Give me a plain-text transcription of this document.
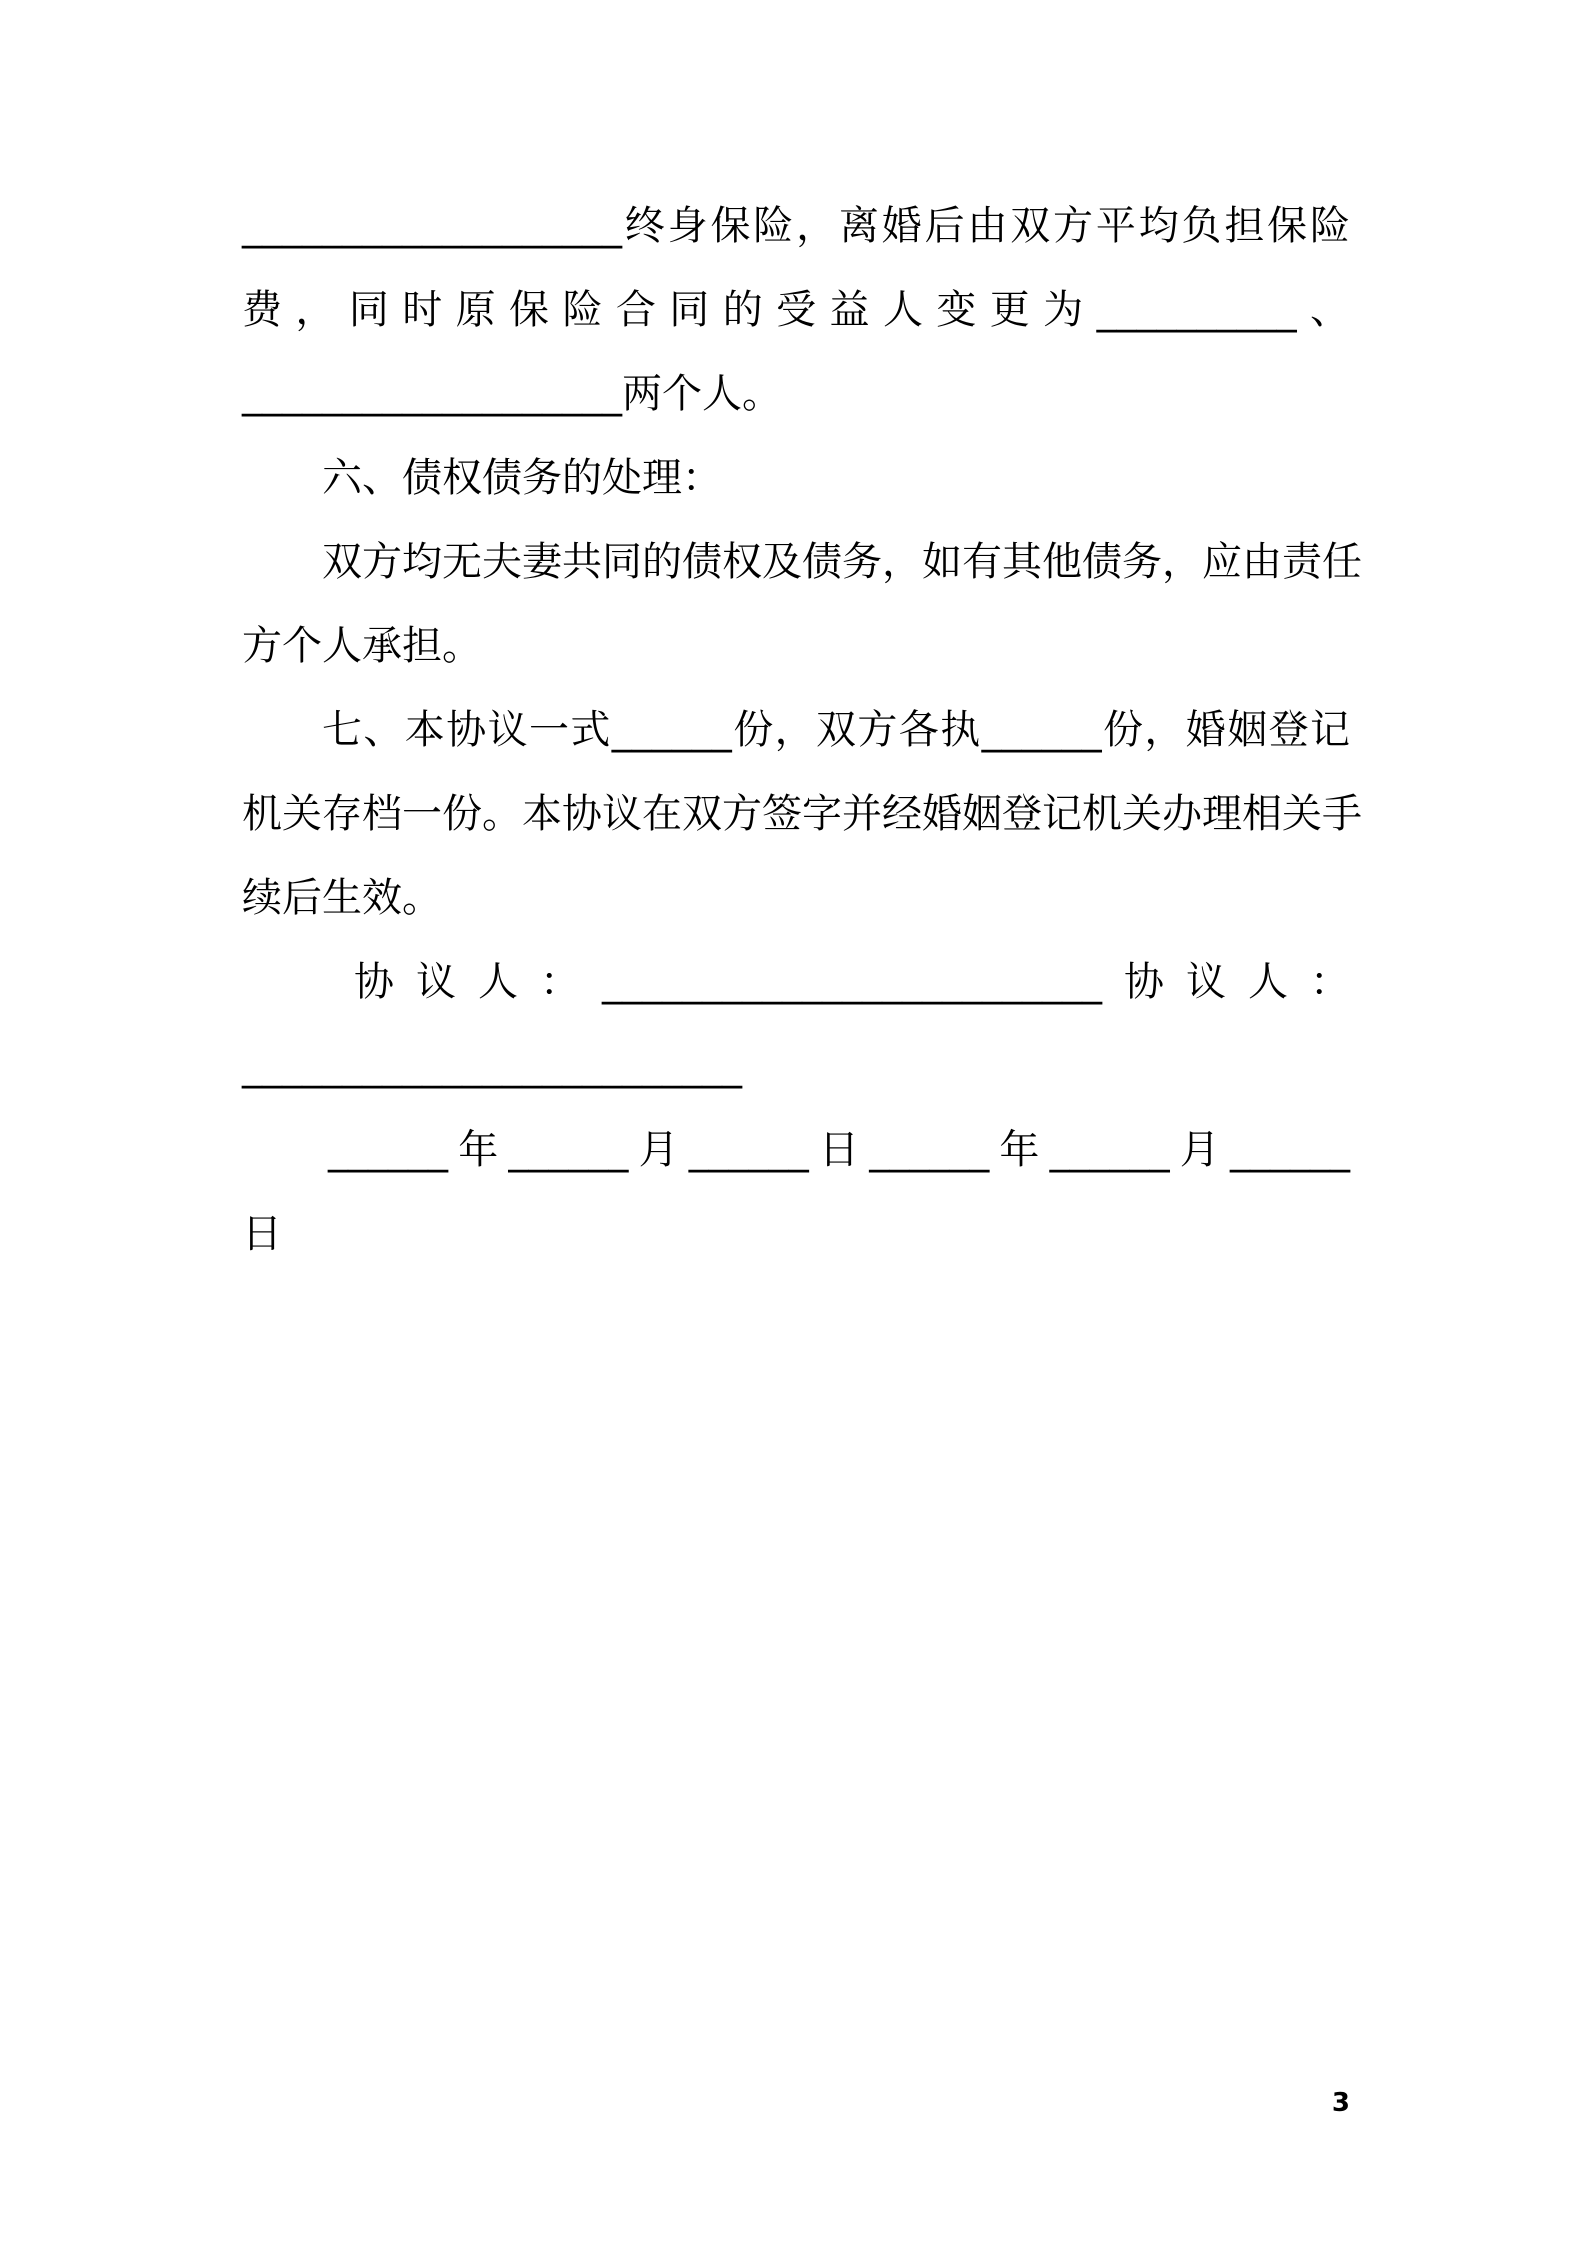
___________________终身保险，离婚后由双方平均负担保险
费，同时原保险合同的受益人变更为__________、
___________________两个人。
六、债权债务的处理：
双方均无夫妻共同的债权及债务，如有其他债务，应由责任
方个人承担。
七、本协议一式______份，双方各执______份，婚姻登记
机关存档一份。本协议在双方签字并经婚姻登记机关办理相关手
续后生效。
协议人：_________________________协议人：
_________________________
______年______月______日______年______月______
日
3
